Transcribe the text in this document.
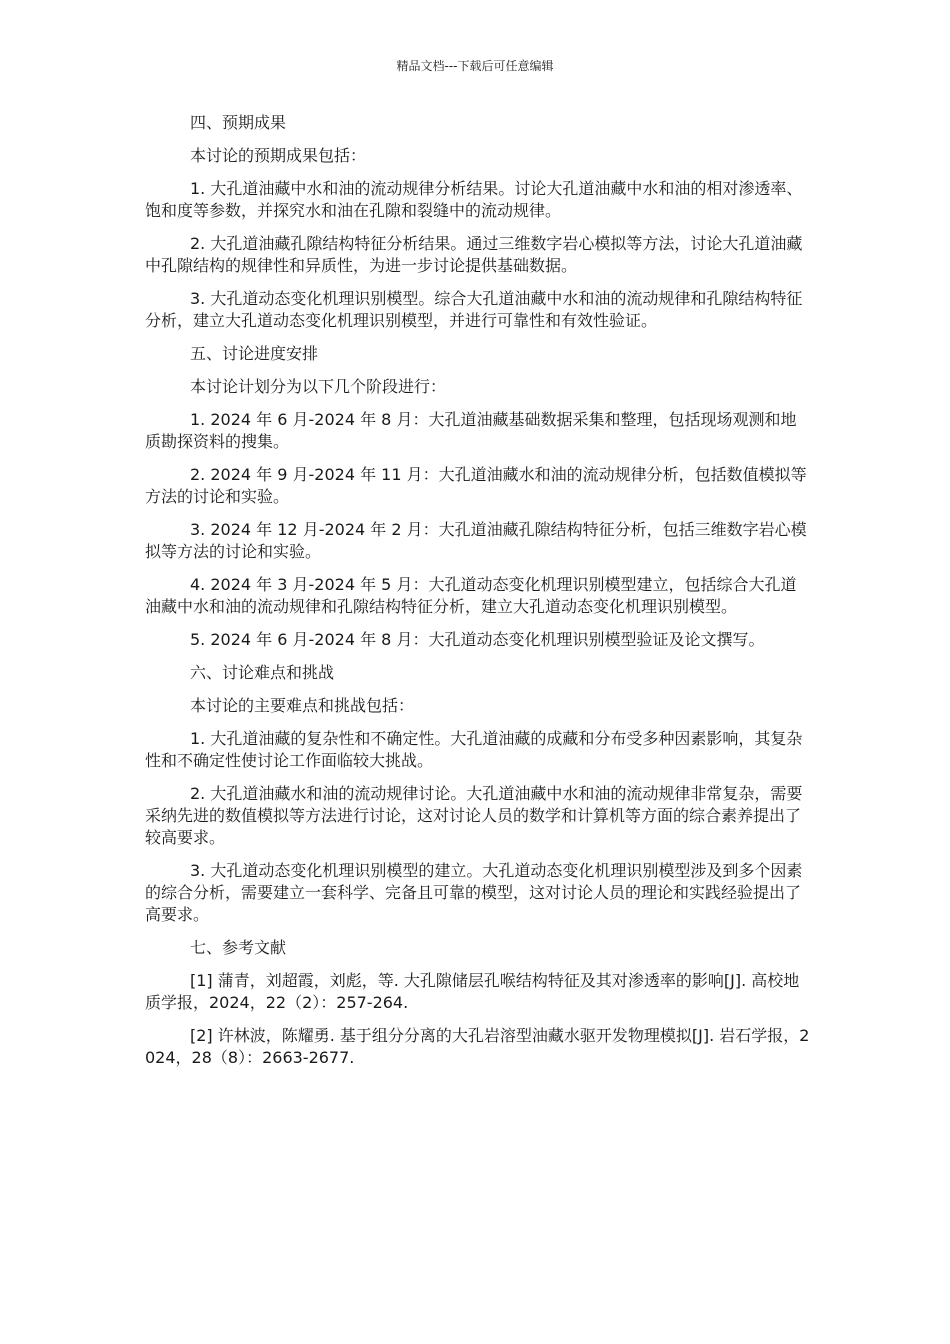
精品文档---下载后可任意编辑

四、预期成果

本讨论的预期成果包括：

1. 大孔道油藏中水和油的流动规律分析结果。讨论大孔道油藏中水和油的相对渗透率、饱和度等参数，并探究水和油在孔隙和裂缝中的流动规律。

2. 大孔道油藏孔隙结构特征分析结果。通过三维数字岩心模拟等方法，讨论大孔道油藏中孔隙结构的规律性和异质性，为进一步讨论提供基础数据。

3. 大孔道动态变化机理识别模型。综合大孔道油藏中水和油的流动规律和孔隙结构特征分析，建立大孔道动态变化机理识别模型，并进行可靠性和有效性验证。

五、讨论进度安排

本讨论计划分为以下几个阶段进行：

1. 2024 年 6 月-2024 年 8 月：大孔道油藏基础数据采集和整理，包括现场观测和地质勘探资料的搜集。

2. 2024 年 9 月-2024 年 11 月：大孔道油藏水和油的流动规律分析，包括数值模拟等方法的讨论和实验。

3. 2024 年 12 月-2024 年 2 月：大孔道油藏孔隙结构特征分析，包括三维数字岩心模拟等方法的讨论和实验。

4. 2024 年 3 月-2024 年 5 月：大孔道动态变化机理识别模型建立，包括综合大孔道油藏中水和油的流动规律和孔隙结构特征分析，建立大孔道动态变化机理识别模型。

5. 2024 年 6 月-2024 年 8 月：大孔道动态变化机理识别模型验证及论文撰写。

六、讨论难点和挑战

本讨论的主要难点和挑战包括：

1. 大孔道油藏的复杂性和不确定性。大孔道油藏的成藏和分布受多种因素影响，其复杂性和不确定性使讨论工作面临较大挑战。

2. 大孔道油藏水和油的流动规律讨论。大孔道油藏中水和油的流动规律非常复杂，需要采纳先进的数值模拟等方法进行讨论，这对讨论人员的数学和计算机等方面的综合素养提出了较高要求。

3. 大孔道动态变化机理识别模型的建立。大孔道动态变化机理识别模型涉及到多个因素的综合分析，需要建立一套科学、完备且可靠的模型，这对讨论人员的理论和实践经验提出了高要求。

七、参考文献

[1] 蒲青，刘超霞，刘彪，等. 大孔隙储层孔喉结构特征及其对渗透率的影响[J]. 高校地质学报，2024，22（2）：257-264.

[2] 许林波，陈耀勇. 基于组分分离的大孔岩溶型油藏水驱开发物理模拟[J]. 岩石学报，2024，28（8）：2663-2677.
